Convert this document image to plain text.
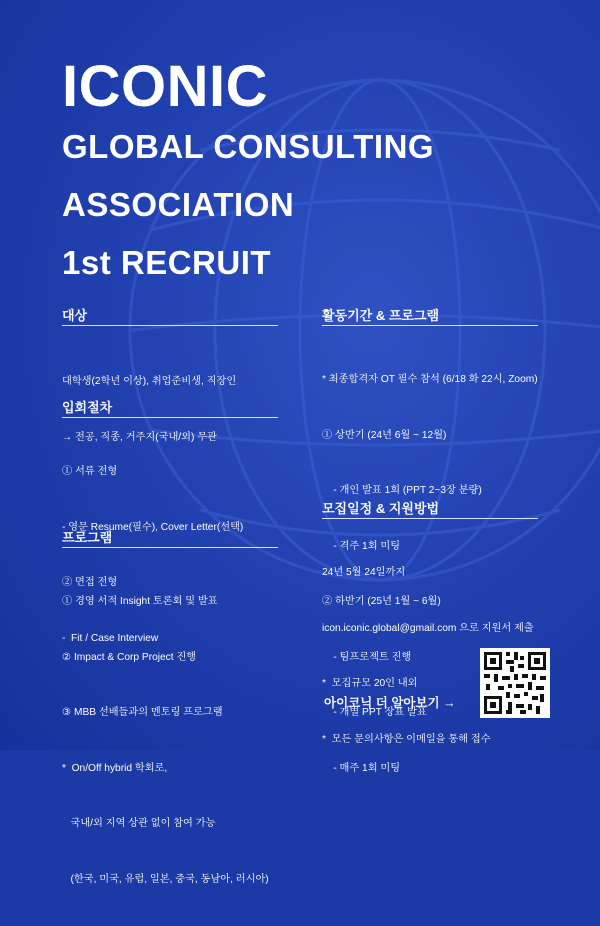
ICONIC
GLOBAL CONSULTING
ASSOCIATION
1st RECRUIT
대상

대학생(2학년 이상), 취업준비생, 직장인

→ 전공, 직종, 거주지(국내/외) 무관

입회절차

① 서류 전형

- 영문 Resume(필수), Cover Letter(선택)

② 면접 전형

-  Fit / Case Interview

프로그램

① 경영 서적 Insight 토론회 및 발표

② Impact & Corp Project 진행

③ MBB 선배들과의 멘토링 프로그램

*  On/Off hybrid 학회로,

국내/외 지역 상관 없이 참여 가능

(한국, 미국, 유럽, 일본, 중국, 동남아, 러시아)

활동기간 & 프로그램

* 최종합격자 OT 필수 참석 (6/18 화 22시, Zoom)

① 상반기 (24년 6월 ~ 12월)

- 개인 발표 1회 (PPT 2~3장 분량)

- 격주 1회 미팅

② 하반기 (25년 1월 ~ 6월)

- 팀프로젝트 진행

- 개별 PPT 장표 발표

- 매주 1회 미팅

모집일정 & 지원방법

24년 5월 24일까지

icon.iconic.global@gmail.com 으로 지원서 제출

*  모집규모 20인 내외

*  모든 문의사항은 이메일을 통해 접수

아이코닉 더 알아보기 →
